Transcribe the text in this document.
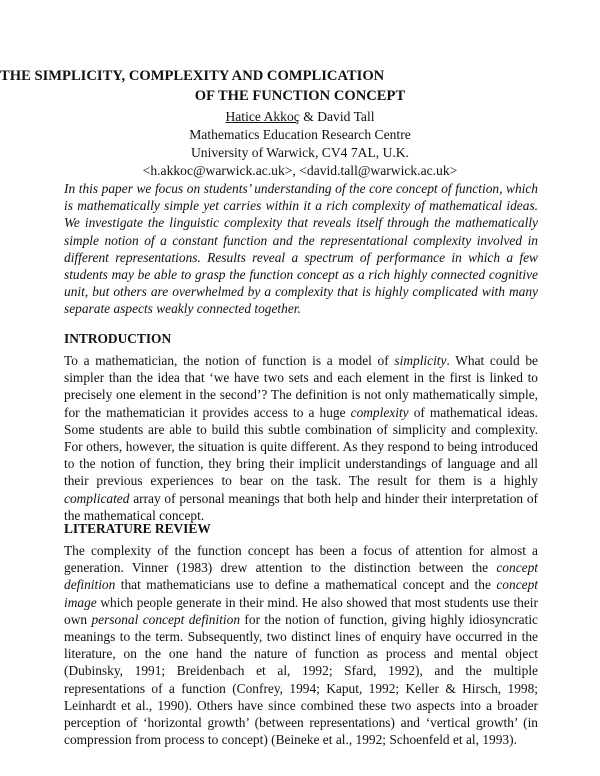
THE SIMPLICITY, COMPLEXITY AND COMPLICATION
OF THE FUNCTION CONCEPT
Hatice Akkoç & David Tall
Mathematics Education Research Centre
University of Warwick, CV4 7AL, U.K.
<h.akkoc@warwick.ac.uk>, <david.tall@warwick.ac.uk>
In this paper we focus on students’ understanding of the core concept of function, which is mathematically simple yet carries within it a rich complexity of mathematical ideas. We investigate the linguistic complexity that reveals itself through the mathematically simple notion of a constant function and the representational complexity involved in different representations. Results reveal a spectrum of performance in which a few students may be able to grasp the function concept as a rich highly connected cognitive unit, but others are overwhelmed by a complexity that is highly complicated with many separate aspects weakly connected together.
INTRODUCTION
To a mathematician, the notion of function is a model of simplicity. What could be simpler than the idea that ‘we have two sets and each element in the first is linked to precisely one element in the second’? The definition is not only mathematically simple, for the mathematician it provides access to a huge complexity of mathematical ideas. Some students are able to build this subtle combination of simplicity and complexity. For others, however, the situation is quite different. As they respond to being introduced to the notion of function, they bring their implicit understandings of language and all their previous experiences to bear on the task. The result for them is a highly complicated array of personal meanings that both help and hinder their interpretation of the mathematical concept.
LITERATURE REVIEW
The complexity of the function concept has been a focus of attention for almost a generation. Vinner (1983) drew attention to the distinction between the concept definition that mathematicians use to define a mathematical concept and the concept image which people generate in their mind. He also showed that most students use their own personal concept definition for the notion of function, giving highly idiosyncratic meanings to the term. Subsequently, two distinct lines of enquiry have occurred in the literature, on the one hand the nature of function as process and mental object (Dubinsky, 1991; Breidenbach et al, 1992; Sfard, 1992), and the multiple representations of a function (Confrey, 1994; Kaput, 1992; Keller & Hirsch, 1998; Leinhardt et al., 1990). Others have since combined these two aspects into a broader perception of ‘horizontal growth’ (between representations) and ‘vertical growth’ (in compression from process to concept) (Beineke et al., 1992; Schoenfeld et al, 1993).
